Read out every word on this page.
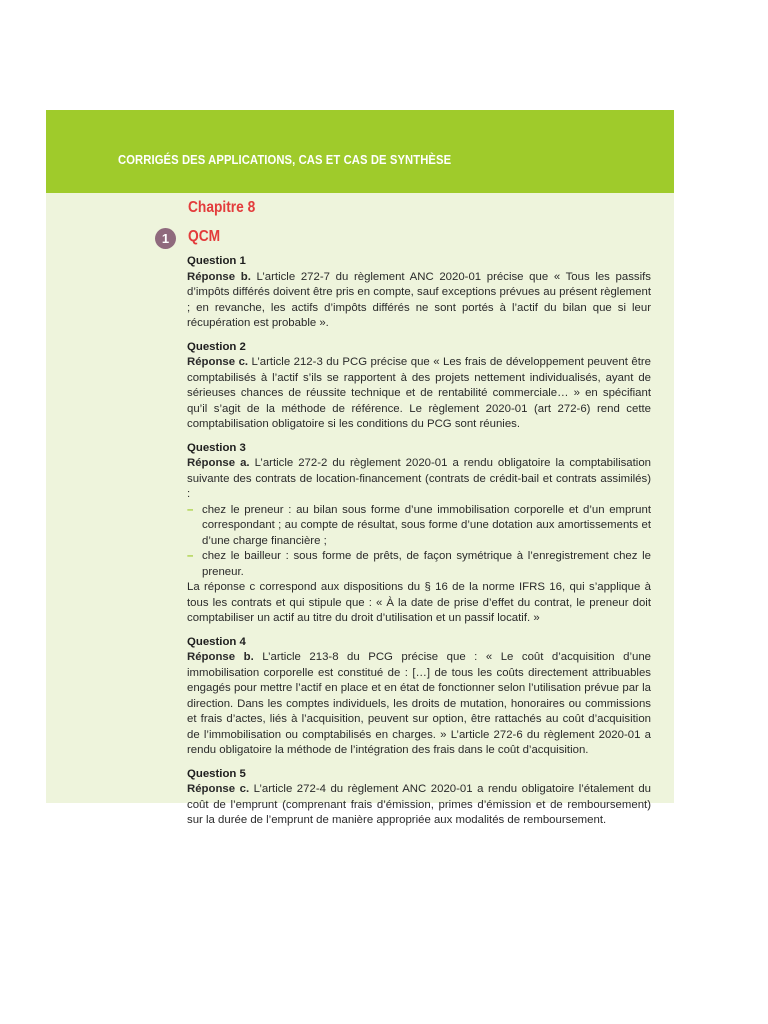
CORRIGÉS DES APPLICATIONS, CAS ET CAS DE SYNTHÈSE
Chapitre 8
1	QCM
Question 1
Réponse b. L’article 272-7 du règlement ANC 2020-01 précise que « Tous les passifs d’impôts différés doivent être pris en compte, sauf exceptions prévues au présent règlement ; en revanche, les actifs d’impôts différés ne sont portés à l’actif du bilan que si leur récupération est probable ».
Question 2
Réponse c. L’article 212-3 du PCG précise que « Les frais de développement peuvent être comptabilisés à l’actif s’ils se rapportent à des projets nettement individualisés, ayant de sérieuses chances de réussite technique et de rentabilité commerciale… » en spécifiant qu’il s’agit de la méthode de référence. Le règlement 2020-01 (art 272-6) rend cette comptabilisation obligatoire si les conditions du PCG sont réunies.
Question 3
Réponse a. L’article 272-2 du règlement 2020-01 a rendu obligatoire la comptabilisation suivante des contrats de location-financement (contrats de crédit-bail et contrats assimilés) :
– chez le preneur : au bilan sous forme d’une immobilisation corporelle et d’un emprunt correspondant ; au compte de résultat, sous forme d’une dotation aux amortissements et d’une charge financière ;
– chez le bailleur : sous forme de prêts, de façon symétrique à l’enregistrement chez le preneur.
La réponse c correspond aux dispositions du § 16 de la norme IFRS 16, qui s’applique à tous les contrats et qui stipule que : « À la date de prise d’effet du contrat, le preneur doit comptabiliser un actif au titre du droit d’utilisation et un passif locatif. »
Question 4
Réponse b. L’article 213-8 du PCG précise que : « Le coût d’acquisition d’une immobilisation corporelle est constitué de : […] de tous les coûts directement attribuables engagés pour mettre l’actif en place et en état de fonctionner selon l’utilisation prévue par la direction. Dans les comptes individuels, les droits de mutation, honoraires ou commissions et frais d’actes, liés à l’acquisition, peuvent sur option, être rattachés au coût d’acquisition de l’immobilisation ou comptabilisés en charges. » L’article 272-6 du règlement 2020-01 a rendu obligatoire la méthode de l’intégration des frais dans le coût d’acquisition.
Question 5
Réponse c. L’article 272-4 du règlement ANC 2020-01 a rendu obligatoire l’étalement du coût de l’emprunt (comprenant frais d’émission, primes d’émission et de remboursement) sur la durée de l’emprunt de manière appropriée aux modalités de remboursement.
